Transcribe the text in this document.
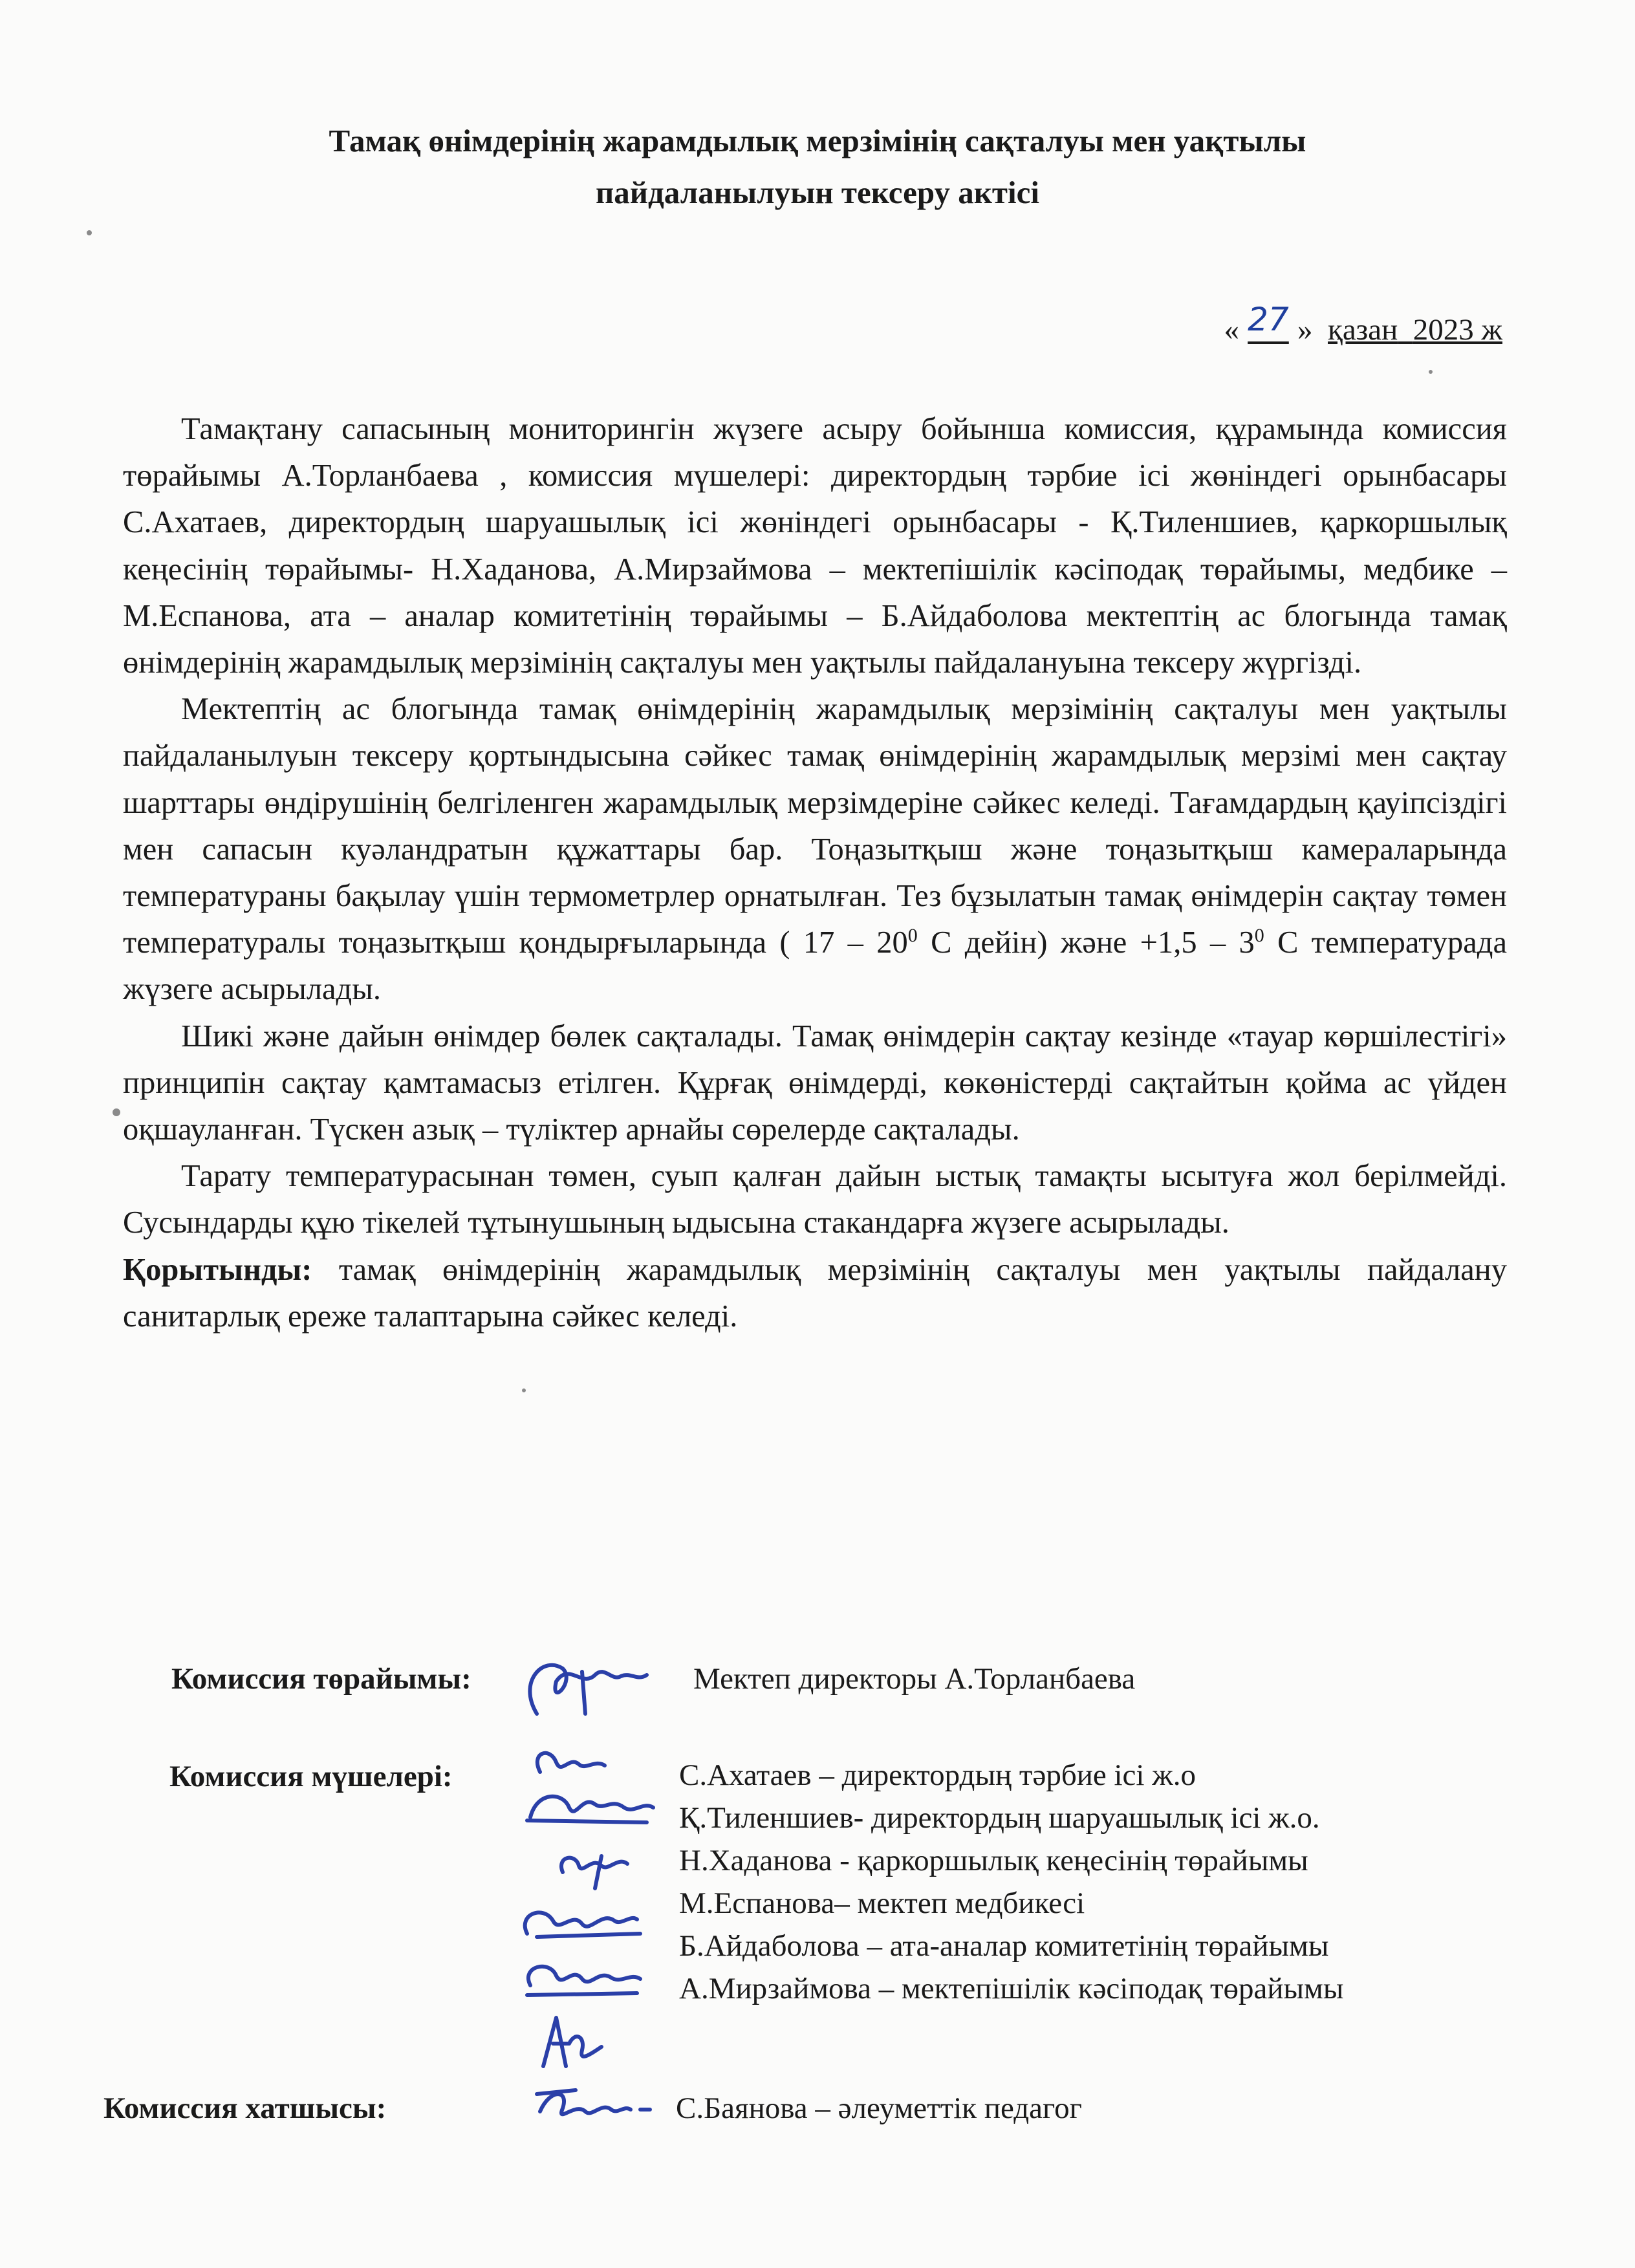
Тамақ өнімдерінің жарамдылық мерзімінің сақталуы мен уақтылы
пайдаланылуын тексеру актісі
« 27 » қазан 2023 ж

Тамақтану сапасының мониторингін жүзеге асыру бойынша комиссия, құрамында комиссия төрайымы А.Торланбаева , комиссия мүшелері: директордың тәрбие ісі жөніндегі орынбасары С.Ахатаев, директордың шаруашылық ісі жөніндегі орынбасары - Қ.Тиленшиев, қаркоршылық кеңесінің төрайымы- Н.Хаданова, А.Мирзаймова – мектепішілік кәсіподақ төрайымы, медбике – М.Еспанова, ата – аналар комитетінің төрайымы – Б.Айдаболова мектептің ас блогында тамақ өнімдерінің жарамдылық мерзімінің сақталуы мен уақтылы пайдалануына тексеру жүргізді.

Мектептің ас блогында тамақ өнімдерінің жарамдылық мерзімінің сақталуы мен уақтылы пайдаланылуын тексеру қортындысына сәйкес тамақ өнімдерінің жарамдылық мерзімі мен сақтау шарттары өндірушінің белгіленген жарамдылық мерзімдеріне сәйкес келеді. Тағамдардың қауіпсіздігі мен сапасын куәландратын құжаттары бар. Тоңазытқыш және тоңазытқыш камераларында температураны бақылау үшін термометрлер орнатылған. Тез бұзылатын тамақ өнімдерін сақтау төмен температуралы тоңазытқыш қондырғыларында ( $17 - 20^0$ С дейін) және $+1,5 - 3^0$ С температурада жүзеге асырылады.

Шикі және дайын өнімдер бөлек сақталады. Тамақ өнімдерін сақтау кезінде «тауар көршілестігі» принципін сақтау қамтамасыз етілген. Құрғақ өнімдерді, көкөністерді сақтайтын қойма ас үйден оқшауланған. Түскен азық – түліктер арнайы сөрелерде сақталады.

Тарату температурасынан төмен, суып қалған дайын ыстық тамақты ысытуға жол берілмейді. Сусындарды құю тікелей тұтынушының ыдысына стакандарға жүзеге асырылады.

Қорытынды: тамақ өнімдерінің жарамдылық мерзімінің сақталуы мен уақтылы пайдалану санитарлық ереже талаптарына сәйкес келеді.

Комиссия төрайымы:	Мектеп директоры А.Торланбаева
Комиссия мүшелері:	С.Ахатаев – директордың тәрбие ісі ж.о
Қ.Тиленшиев- директордың шаруашылық ісі ж.о.
Н.Хаданова - қаркоршылық кеңесінің төрайымы
М.Еспанова– мектеп медбикесі
Б.Айдаболова – ата-аналар комитетінің төрайымы
А.Мирзаймова – мектепішілік кәсіподақ төрайымы
Комиссия хатшысы:	С.Баянова – әлеуметтік педагог
